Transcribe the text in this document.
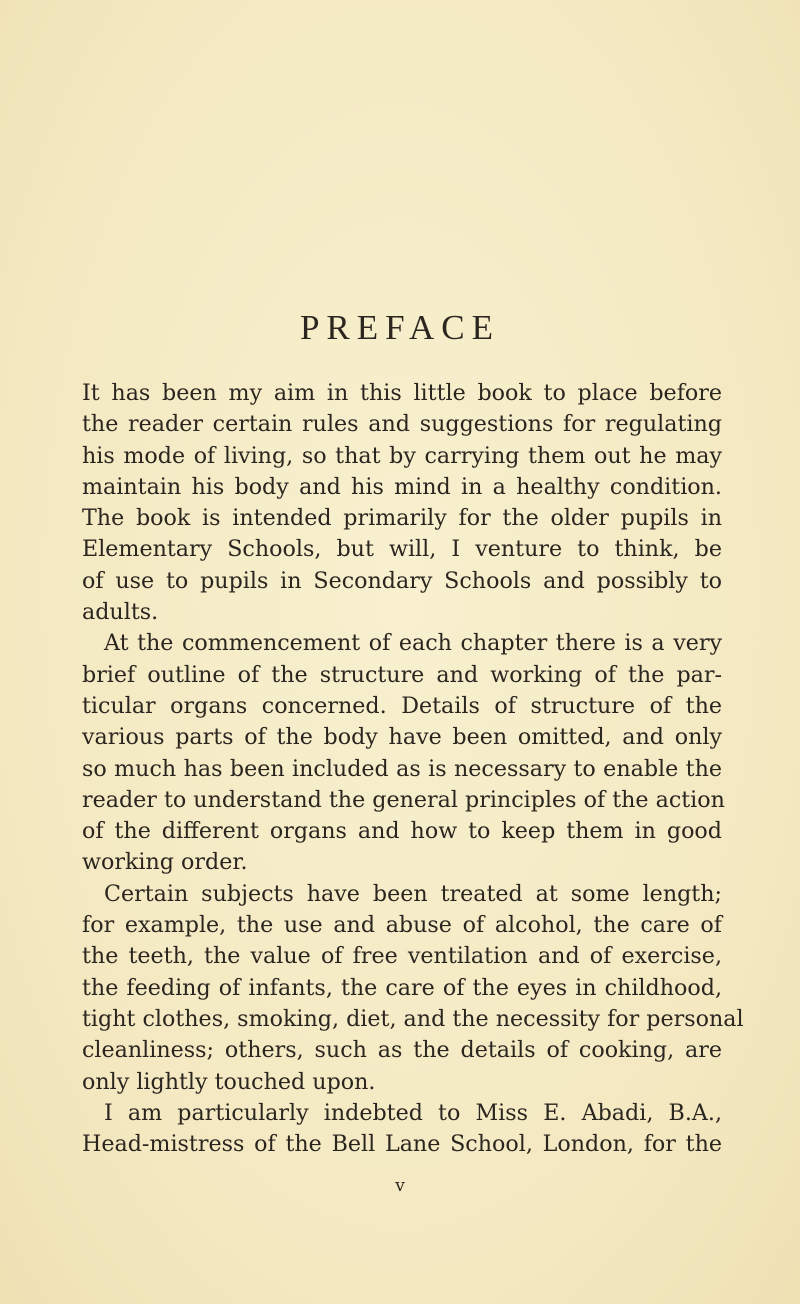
PREFACE
It has been my aim in this little book to place before
the reader certain rules and suggestions for regulating
his mode of living, so that by carrying them out he may
maintain his body and his mind in a healthy condition.
The book is intended primarily for the older pupils in
Elementary Schools, but will, I venture to think, be
of use to pupils in Secondary Schools and possibly to
adults.
At the commencement of each chapter there is a very
brief outline of the structure and working of the par-
ticular organs concerned. Details of structure of the
various parts of the body have been omitted, and only
so much has been included as is necessary to enable the
reader to understand the general principles of the action
of the different organs and how to keep them in good
working order.
Certain subjects have been treated at some length;
for example, the use and abuse of alcohol, the care of
the teeth, the value of free ventilation and of exercise,
the feeding of infants, the care of the eyes in childhood,
tight clothes, smoking, diet, and the necessity for personal
cleanliness; others, such as the details of cooking, are
only lightly touched upon.
I am particularly indebted to Miss E. Abadi, B.A.,
Head-mistress of the Bell Lane School, London, for the
v
